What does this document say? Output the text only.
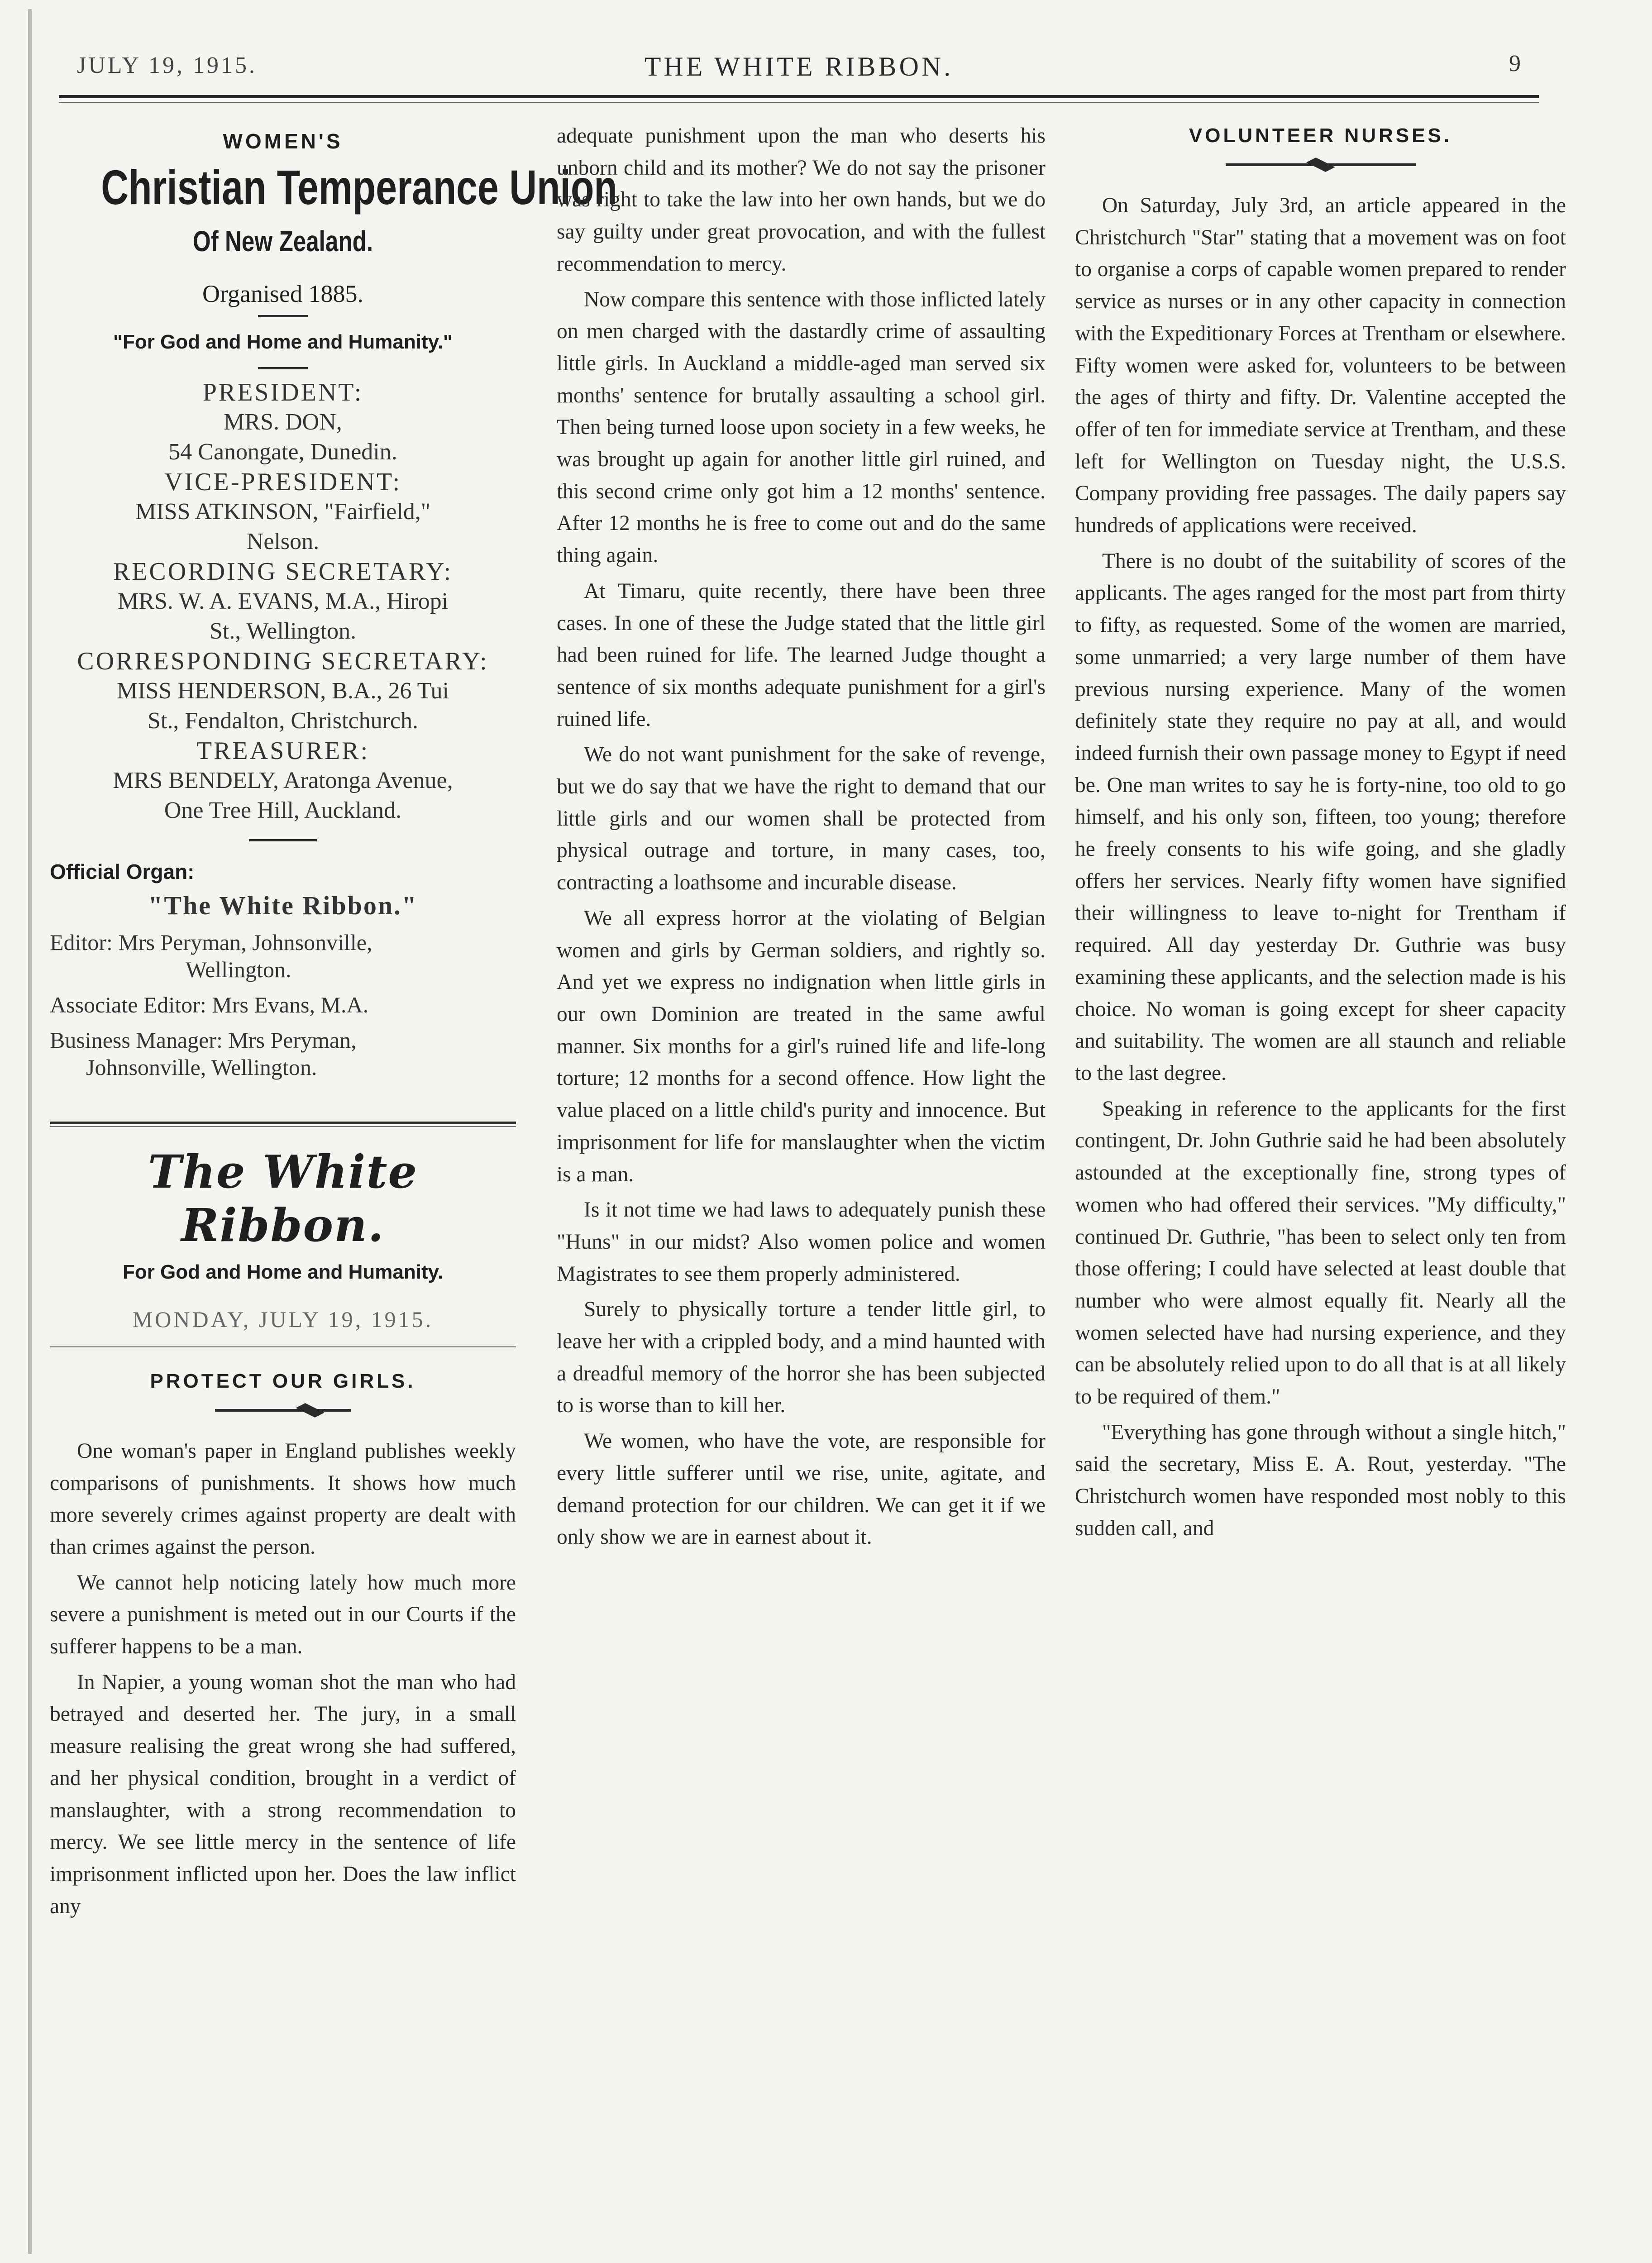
JULY 19, 1915.	THE WHITE RIBBON.	9
WOMEN'S
Christian Temperance Union
Of New Zealand.
Organised 1885.
"For God and Home and Humanity."
PRESIDENT:
MRS. DON,
54 Canongate, Dunedin.
VICE-PRESIDENT:
MISS ATKINSON, "Fairfield,"
Nelson.
RECORDING SECRETARY:
MRS. W. A. EVANS, M.A., Hiropi
St., Wellington.
CORRESPONDING SECRETARY:
MISS HENDERSON, B.A., 26 Tui
St., Fendalton, Christchurch.
TREASURER:
MRS BENDELY, Aratonga Avenue,
One Tree Hill, Auckland.
Official Organ:
"The White Ribbon."
Editor: Mrs Peryman, Johnsonville,
Wellington.
Associate Editor: Mrs Evans, M.A.
Business Manager: Mrs Peryman,
Johnsonville, Wellington.
The White Ribbon.
For God and Home and Humanity.
MONDAY, JULY 19, 1915.
PROTECT OUR GIRLS.

One woman's paper in England publishes weekly comparisons of punishments. It shows how much more severely crimes against property are dealt with than crimes against the person.

We cannot help noticing lately how much more severe a punishment is meted out in our Courts if the sufferer happens to be a man.

In Napier, a young woman shot the man who had betrayed and deserted her. The jury, in a small measure realising the great wrong she had suffered, and her physical condition, brought in a verdict of manslaughter, with a strong recommendation to mercy. We see little mercy in the sentence of life imprisonment inflicted upon her. Does the law inflict any

adequate punishment upon the man who deserts his unborn child and its mother? We do not say the prisoner was right to take the law into her own hands, but we do say guilty under great provocation, and with the fullest recommendation to mercy.

Now compare this sentence with those inflicted lately on men charged with the dastardly crime of assaulting little girls. In Auckland a middle-aged man served six months' sentence for brutally assaulting a school girl. Then being turned loose upon society in a few weeks, he was brought up again for another little girl ruined, and this second crime only got him a 12 months' sentence. After 12 months he is free to come out and do the same thing again.

At Timaru, quite recently, there have been three cases. In one of these the Judge stated that the little girl had been ruined for life. The learned Judge thought a sentence of six months adequate punishment for a girl's ruined life.

We do not want punishment for the sake of revenge, but we do say that we have the right to demand that our little girls and our women shall be protected from physical outrage and torture, in many cases, too, contracting a loathsome and incurable disease.

We all express horror at the violating of Belgian women and girls by German soldiers, and rightly so. And yet we express no indignation when little girls in our own Dominion are treated in the same awful manner. Six months for a girl's ruined life and life-long torture; 12 months for a second offence. How light the value placed on a little child's purity and innocence. But imprisonment for life for manslaughter when the victim is a man.

Is it not time we had laws to adequately punish these "Huns" in our midst? Also women police and women Magistrates to see them properly administered.

Surely to physically torture a tender little girl, to leave her with a crippled body, and a mind haunted with a dreadful memory of the horror she has been subjected to is worse than to kill her.

We women, who have the vote, are responsible for every little sufferer until we rise, unite, agitate, and demand protection for our children. We can get it if we only show we are in earnest about it.

VOLUNTEER NURSES.

On Saturday, July 3rd, an article appeared in the Christchurch "Star" stating that a movement was on foot to organise a corps of capable women prepared to render service as nurses or in any other capacity in connection with the Expeditionary Forces at Trentham or elsewhere. Fifty women were asked for, volunteers to be between the ages of thirty and fifty. Dr. Valentine accepted the offer of ten for immediate service at Trentham, and these left for Wellington on Tuesday night, the U.S.S. Company providing free passages. The daily papers say hundreds of applications were received.

There is no doubt of the suitability of scores of the applicants. The ages ranged for the most part from thirty to fifty, as requested. Some of the women are married, some unmarried; a very large number of them have previous nursing experience. Many of the women definitely state they require no pay at all, and would indeed furnish their own passage money to Egypt if need be. One man writes to say he is forty-nine, too old to go himself, and his only son, fifteen, too young; therefore he freely consents to his wife going, and she gladly offers her services. Nearly fifty women have signified their willingness to leave to-night for Trentham if required. All day yesterday Dr. Guthrie was busy examining these applicants, and the selection made is his choice. No woman is going except for sheer capacity and suitability. The women are all staunch and reliable to the last degree.

Speaking in reference to the applicants for the first contingent, Dr. John Guthrie said he had been absolutely astounded at the exceptionally fine, strong types of women who had offered their services. "My difficulty," continued Dr. Guthrie, "has been to select only ten from those offering; I could have selected at least double that number who were almost equally fit. Nearly all the women selected have had nursing experience, and they can be absolutely relied upon to do all that is at all likely to be required of them."

"Everything has gone through without a single hitch," said the secretary, Miss E. A. Rout, yesterday. "The Christchurch women have responded most nobly to this sudden call, and
